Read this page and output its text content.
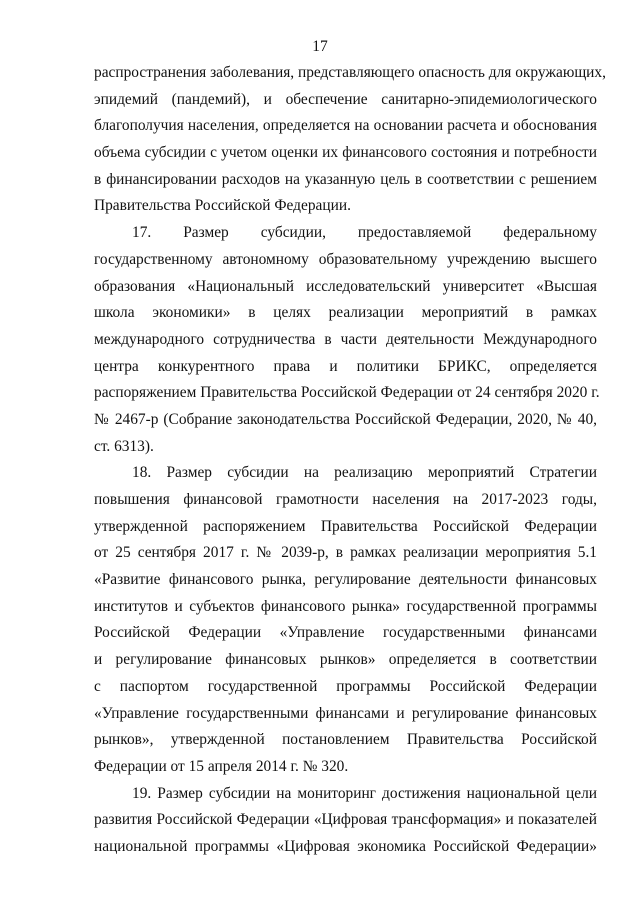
17
распространения заболевания, представляющего опасность для окружающих,
эпидемий (пандемий), и обеспечение санитарно-эпидемиологического
благополучия населения, определяется на основании расчета и обоснования
объема субсидии с учетом оценки их финансового состояния и потребности
в финансировании расходов на указанную цель в соответствии с решением
Правительства Российской Федерации.
17. Размер субсидии, предоставляемой федеральному
государственному автономному образовательному учреждению высшего
образования «Национальный исследовательский университет «Высшая
школа экономики» в целях реализации мероприятий в рамках
международного сотрудничества в части деятельности Международного
центра конкурентного права и политики БРИКС, определяется
распоряжением Правительства Российской Федерации от 24 сентября 2020 г.
№ 2467-р (Собрание законодательства Российской Федерации, 2020, № 40,
ст. 6313).
18. Размер субсидии на реализацию мероприятий Стратегии
повышения финансовой грамотности населения на 2017-2023 годы,
утвержденной распоряжением Правительства Российской Федерации
от 25 сентября 2017 г. № 2039-р, в рамках реализации мероприятия 5.1
«Развитие финансового рынка, регулирование деятельности финансовых
институтов и субъектов финансового рынка» государственной программы
Российской Федерации «Управление государственными финансами
и регулирование финансовых рынков» определяется в соответствии
с паспортом государственной программы Российской Федерации
«Управление государственными финансами и регулирование финансовых
рынков», утвержденной постановлением Правительства Российской
Федерации от 15 апреля 2014 г. № 320.
19. Размер субсидии на мониторинг достижения национальной цели
развития Российской Федерации «Цифровая трансформация» и показателей
национальной программы «Цифровая экономика Российской Федерации»
